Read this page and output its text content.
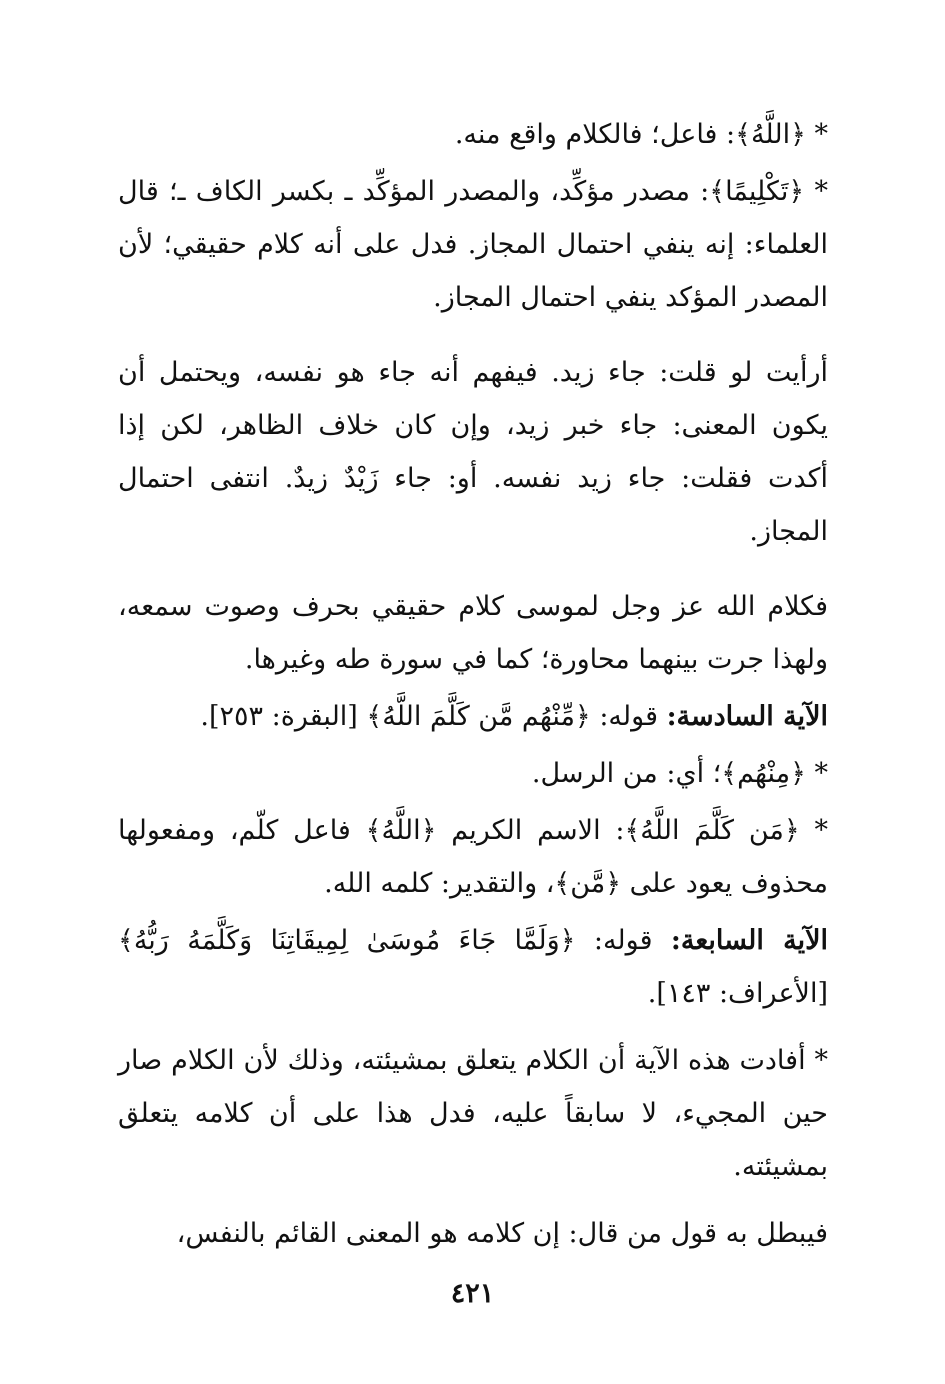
* ﴿اللَّهُ﴾: فاعل؛ فالكلام واقع منه.

* ﴿تَكْلِيمًا﴾: مصدر مؤكِّد، والمصدر المؤكِّد ـ بكسر الكاف ـ؛ قال العلماء: إنه ينفي احتمال المجاز. فدل على أنه كلام حقيقي؛ لأن المصدر المؤكد ينفي احتمال المجاز.

أرأيت لو قلت: جاء زيد. فيفهم أنه جاء هو نفسه، ويحتمل أن يكون المعنى: جاء خبر زيد، وإن كان خلاف الظاهر، لكن إذا أكدت فقلت: جاء زيد نفسه. أو: جاء زَيْدٌ زيدٌ. انتفى احتمال المجاز.

فكلام الله عز وجل لموسى كلام حقيقي بحرف وصوت سمعه، ولهذا جرت بينهما محاورة؛ كما في سورة طه وغيرها.

الآية السادسة: قوله: ﴿مِّنْهُم مَّن كَلَّمَ اللَّهُ﴾ [البقرة: ٢٥٣].

* ﴿مِنْهُم﴾؛ أي: من الرسل.

* ﴿مَن كَلَّمَ اللَّهُ﴾: الاسم الكريم ﴿اللَّهُ﴾ فاعل كلّم، ومفعولها محذوف يعود على ﴿مَّن﴾، والتقدير: كلمه الله.

الآية السابعة: قوله: ﴿وَلَمَّا جَاءَ مُوسَىٰ لِمِيقَاتِنَا وَكَلَّمَهُ رَبُّهُ﴾ [الأعراف: ١٤٣].

* أفادت هذه الآية أن الكلام يتعلق بمشيئته، وذلك لأن الكلام صار حين المجيء، لا سابقاً عليه، فدل هذا على أن كلامه يتعلق بمشيئته.

فيبطل به قول من قال: إن كلامه هو المعنى القائم بالنفس،

٤٢١
